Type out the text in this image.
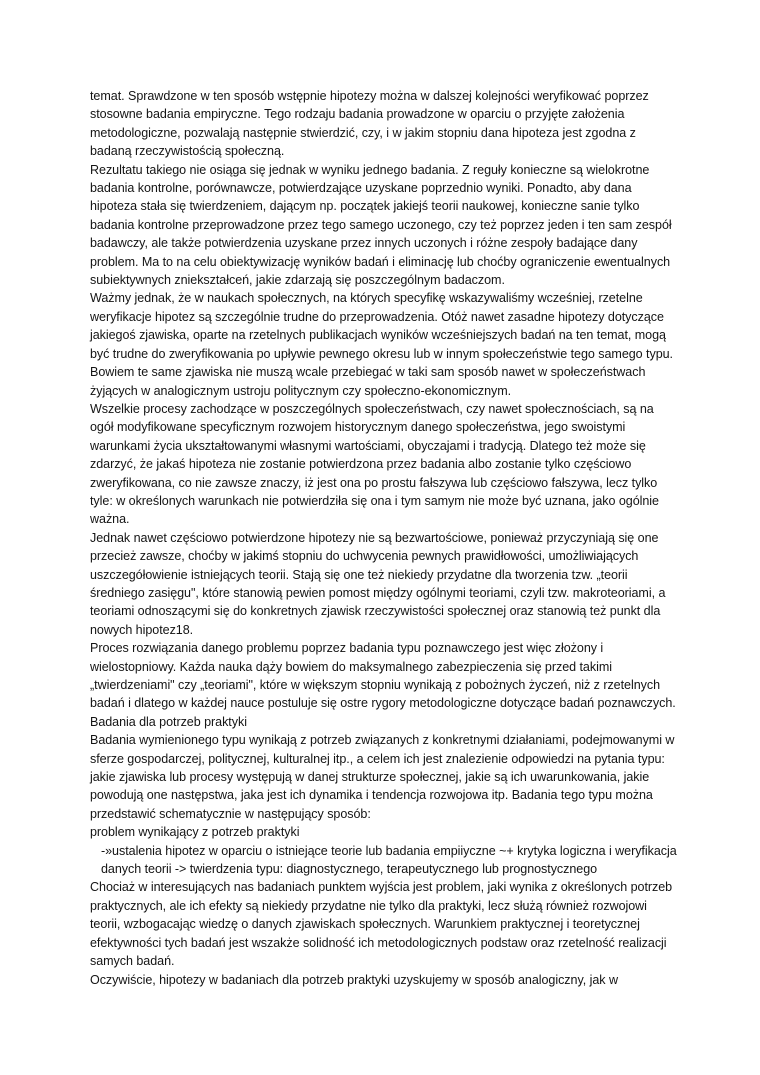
temat. Sprawdzone w ten sposób wstępnie hipotezy można w dalszej kolejności weryfikować poprzez stosowne badania empiryczne. Tego rodzaju badania prowadzone w oparciu o przyjęte założenia metodologiczne, pozwalają następnie stwierdzić, czy, i w jakim stopniu dana hipoteza jest zgodna z badaną rzeczywistością społeczną.

Rezultatu takiego nie osiąga się jednak w wyniku jednego badania. Z reguły konieczne są wielokrotne badania kontrolne, porównawcze, potwierdzające uzyskane poprzednio wyniki. Ponadto, aby dana hipoteza stała się twierdzeniem, dającym np. początek jakiejś teorii naukowej, konieczne sanie tylko badania kontrolne przeprowadzone przez tego samego uczonego, czy też poprzez jeden i ten sam zespół badawczy, ale także potwierdzenia uzyskane przez innych uczonych i różne zespoły badające dany problem. Ma to na celu obiektywizację wyników badań i eliminację lub choćby ograniczenie ewentualnych subiektywnych zniekształceń, jakie zdarzają się poszczególnym badaczom.

Ważmy jednak, że w naukach społecznych, na których specyfikę wskazywaliśmy wcześniej, rzetelne weryfikacje hipotez są szczególnie trudne do przeprowadzenia. Otóż nawet zasadne hipotezy dotyczące jakiegoś zjawiska, oparte na rzetelnych publikacjach wyników wcześniejszych badań na ten temat, mogą być trudne do zweryfikowania po upływie pewnego okresu lub w innym społeczeństwie tego samego typu. Bowiem te same zjawiska nie muszą wcale przebiegać w taki sam sposób nawet w społeczeństwach żyjących w analogicznym ustroju politycznym czy społeczno-ekonomicznym.

Wszelkie procesy zachodzące w poszczególnych społeczeństwach, czy nawet społecznościach, są na ogół modyfikowane specyficznym rozwojem historycznym danego społeczeństwa, jego swoistymi warunkami życia ukształtowanymi własnymi wartościami, obyczajami i tradycją. Dlatego też może się zdarzyć, że jakaś hipoteza nie zostanie potwierdzona przez badania albo zostanie tylko częściowo zweryfikowana, co nie zawsze znaczy, iż jest ona po prostu fałszywa lub częściowo fałszywa, lecz tylko tyle: w określonych warunkach nie potwierdziła się ona i tym samym nie może być uznana, jako ogólnie ważna.

Jednak nawet częściowo potwierdzone hipotezy nie są bezwartościowe, ponieważ przyczyniają się one przecież zawsze, choćby w jakimś stopniu do uchwycenia pewnych prawidłowości, umożliwiających uszczegółowienie istniejących teorii. Stają się one też niekiedy przydatne dla tworzenia tzw. „teorii średniego zasięgu", które stanowią pewien pomost między ogólnymi teoriami, czyli tzw. makroteoriami, a teoriami odnoszącymi się do konkretnych zjawisk rzeczywistości społecznej oraz stanowią też punkt dla nowych hipotez18.

Proces rozwiązania danego problemu poprzez badania typu poznawczego jest więc złożony i wielostopniowy. Każda nauka dąży bowiem do maksymalnego zabezpieczenia się przed takimi „twierdzeniami" czy „teoriami", które w większym stopniu wynikają z pobożnych życzeń, niż z rzetelnych badań i dlatego w każdej nauce postuluje się ostre rygory metodologiczne dotyczące badań poznawczych.

Badania dla potrzeb praktyki

Badania wymienionego typu wynikają z potrzeb związanych z konkretnymi działaniami, podejmowanymi w sferze gospodarczej, politycznej, kulturalnej itp., a celem ich jest znalezienie odpowiedzi na pytania typu: jakie zjawiska lub procesy występują w danej strukturze społecznej, jakie są ich uwarunkowania, jakie powodują one następstwa, jaka jest ich dynamika i tendencja rozwojowa itp. Badania tego typu można przedstawić schematycznie w następujący sposób:

problem wynikający z potrzeb praktyki

-»ustalenia hipotez w oparciu o istniejące teorie lub badania empiiyczne ~+ krytyka logiczna i weryfikacja danych teorii -> twierdzenia typu: diagnostycznego, terapeutycznego lub prognostycznego

Chociaż w interesujących nas badaniach punktem wyjścia jest problem, jaki wynika z określonych potrzeb praktycznych, ale ich efekty są niekiedy przydatne nie tylko dla praktyki, lecz służą również rozwojowi teorii, wzbogacając wiedzę o danych zjawiskach społecznych. Warunkiem praktycznej i teoretycznej efektywności tych badań jest wszakże solidność ich metodologicznych podstaw oraz rzetelność realizacji samych badań.

Oczywiście, hipotezy w badaniach dla potrzeb praktyki uzyskujemy w sposób analogiczny, jak w
